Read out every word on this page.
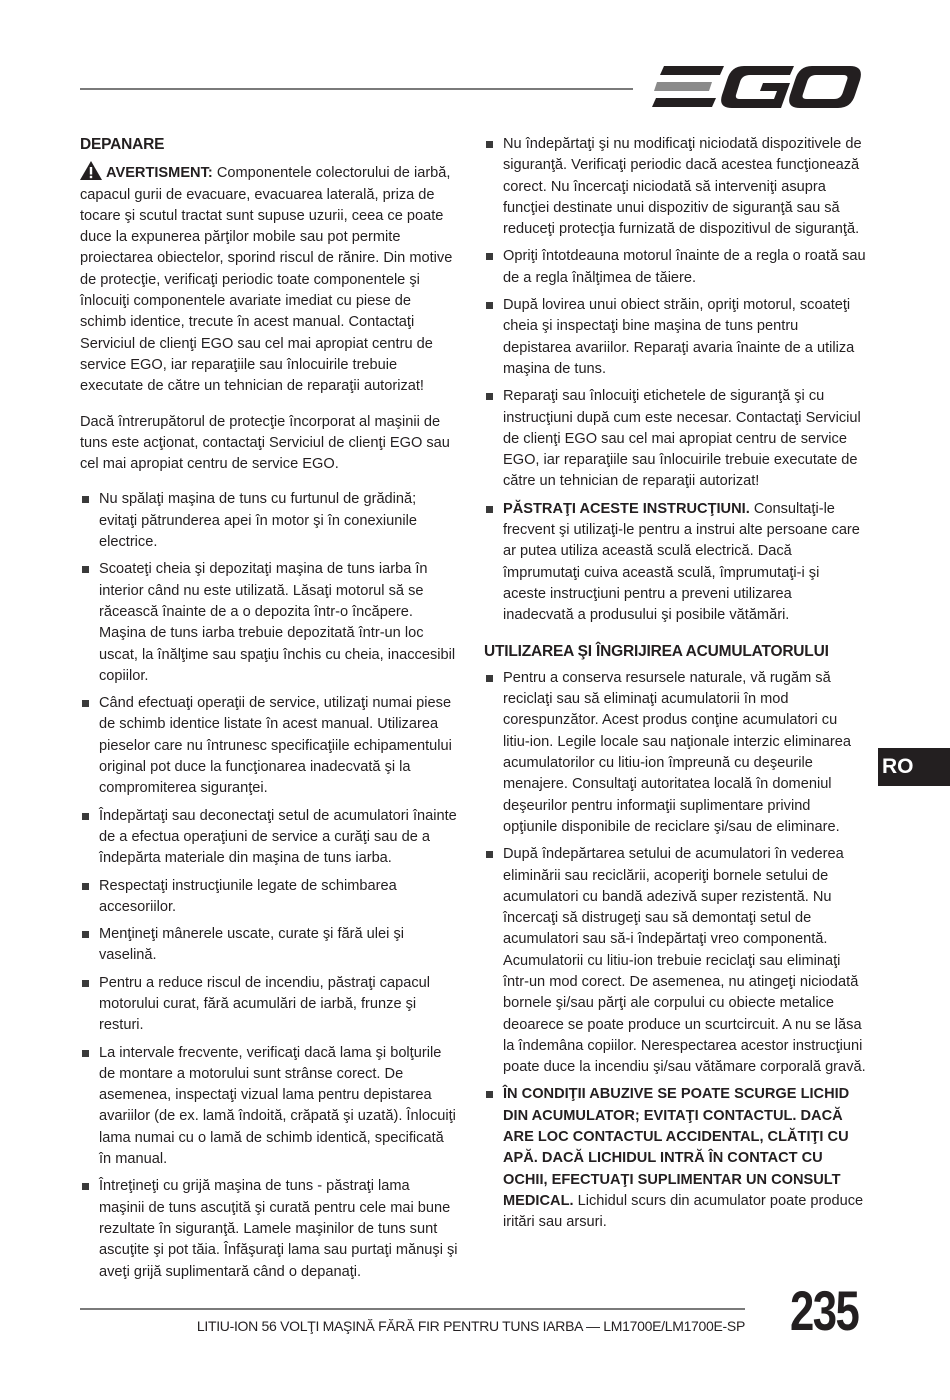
DEPANARE
AVERTISMENT: Componentele colectorului de iarbă, capacul gurii de evacuare, evacuarea laterală, priza de tocare şi scutul tractat sunt supuse uzurii, ceea ce poate duce la expunerea părţilor mobile sau pot permite proiectarea obiectelor, sporind riscul de rănire. Din motive de protecţie, verificaţi periodic toate componentele şi înlocuiţi componentele avariate imediat cu piese de schimb identice, trecute în acest manual. Contactaţi Serviciul de clienţi EGO sau cel mai apropiat centru de service EGO, iar reparaţiile sau înlocuirile trebuie executate de către un tehnician de reparaţii autorizat!
Dacă întrerupătorul de protecţie încorporat al maşinii de tuns este acţionat, contactaţi Serviciul de clienţi EGO sau cel mai apropiat centru de service EGO.
Nu spălaţi maşina de tuns cu furtunul de grădină; evitaţi pătrunderea apei în motor şi în conexiunile electrice.
Scoateţi cheia şi depozitaţi maşina de tuns iarba în interior când nu este utilizată. Lăsaţi motorul să se răcească înainte de a o depozita într-o încăpere. Maşina de tuns iarba trebuie depozitată într-un loc uscat, la înălţime sau spaţiu închis cu cheia, inaccesibil copiilor.
Când efectuaţi operaţii de service, utilizaţi numai piese de schimb identice listate în acest manual. Utilizarea pieselor care nu întrunesc specificaţiile echipamentului original pot duce la funcţionarea inadecvată şi la compromiterea siguranţei.
Îndepărtaţi sau deconectaţi setul de acumulatori înainte de a efectua operaţiuni de service a curăţi sau de a îndepărta materiale din maşina de tuns iarba.
Respectaţi instrucţiunile legate de schimbarea accesoriilor.
Menţineţi mânerele uscate, curate şi fără ulei şi vaselină.
Pentru a reduce riscul de incendiu, păstraţi capacul motorului curat, fără acumulări de iarbă, frunze şi resturi.
La intervale frecvente, verificaţi dacă lama şi bolţurile de montare a motorului sunt strânse corect. De asemenea, inspectaţi vizual lama pentru depistarea avariilor (de ex. lamă îndoită, crăpată şi uzată). Înlocuiţi lama numai cu o lamă de schimb identică, specificată în manual.
Întreţineţi cu grijă maşina de tuns - păstraţi lama maşinii de tuns ascuţită şi curată pentru cele mai bune rezultate în siguranţă. Lamele maşinilor de tuns sunt ascuţite şi pot tăia. Înfăşuraţi lama sau purtaţi mănuşi şi aveţi grijă suplimentară când o depanaţi.
Nu îndepărtaţi şi nu modificaţi niciodată dispozitivele de siguranţă. Verificaţi periodic dacă acestea funcţionează corect. Nu încercaţi niciodată să interveniţi asupra funcţiei destinate unui dispozitiv de siguranţă sau să reduceţi protecţia furnizată de dispozitivul de siguranţă.
Opriţi întotdeauna motorul înainte de a regla o roată sau de a regla înălţimea de tăiere.
După lovirea unui obiect străin, opriţi motorul, scoateţi cheia şi inspectaţi bine maşina de tuns pentru depistarea avariilor. Reparaţi avaria înainte de a utiliza maşina de tuns.
Reparaţi sau înlocuiţi etichetele de siguranţă şi cu instrucţiuni după cum este necesar. Contactaţi Serviciul de clienţi EGO sau cel mai apropiat centru de service EGO, iar reparaţiile sau înlocuirile trebuie executate de către un tehnician de reparaţii autorizat!
PĂSTRAŢI ACESTE INSTRUCŢIUNI. Consultaţi-le frecvent şi utilizaţi-le pentru a instrui alte persoane care ar putea utiliza această sculă electrică. Dacă împrumutaţi cuiva această sculă, împrumutaţi-i şi aceste instrucţiuni pentru a preveni utilizarea inadecvată a produsului şi posibile vătămări.
UTILIZAREA ŞI ÎNGRIJIREA ACUMULATORULUI
Pentru a conserva resursele naturale, vă rugăm să reciclaţi sau să eliminaţi acumulatorii în mod corespunzător. Acest produs conţine acumulatori cu litiu-ion. Legile locale sau naţionale interzic eliminarea acumulatorilor cu litiu-ion împreună cu deşeurile menajere. Consultaţi autoritatea locală în domeniul deşeurilor pentru informaţii suplimentare privind opţiunile disponibile de reciclare şi/sau de eliminare.
După îndepărtarea setului de acumulatori în vederea eliminării sau reciclării, acoperiţi bornele setului de acumulatori cu bandă adezivă super rezistentă. Nu încercaţi să distrugeţi sau să demontaţi setul de acumulatori sau să-i îndepărtaţi vreo componentă. Acumulatorii cu litiu-ion trebuie reciclaţi sau eliminaţi într-un mod corect. De asemenea, nu atingeţi niciodată bornele şi/sau părţi ale corpului cu obiecte metalice deoarece se poate produce un scurtcircuit. A nu se lăsa la îndemâna copiilor. Nerespectarea acestor instrucţiuni poate duce la incendiu şi/sau vătămare corporală gravă.
ÎN CONDIŢII ABUZIVE SE POATE SCURGE LICHID DIN ACUMULATOR; EVITAŢI CONTACTUL. DACĂ ARE LOC CONTACTUL ACCIDENTAL, CLĂTIŢI CU APĂ. DACĂ LICHIDUL INTRĂ ÎN CONTACT CU OCHII, EFECTUAŢI SUPLIMENTAR UN CONSULT MEDICAL. Lichidul scurs din acumulator poate produce iritări sau arsuri.
RO
LITIU-ION 56 VOLŢI MAŞINĂ FĂRĂ FIR PENTRU TUNS IARBA — LM1700E/LM1700E-SP 235
